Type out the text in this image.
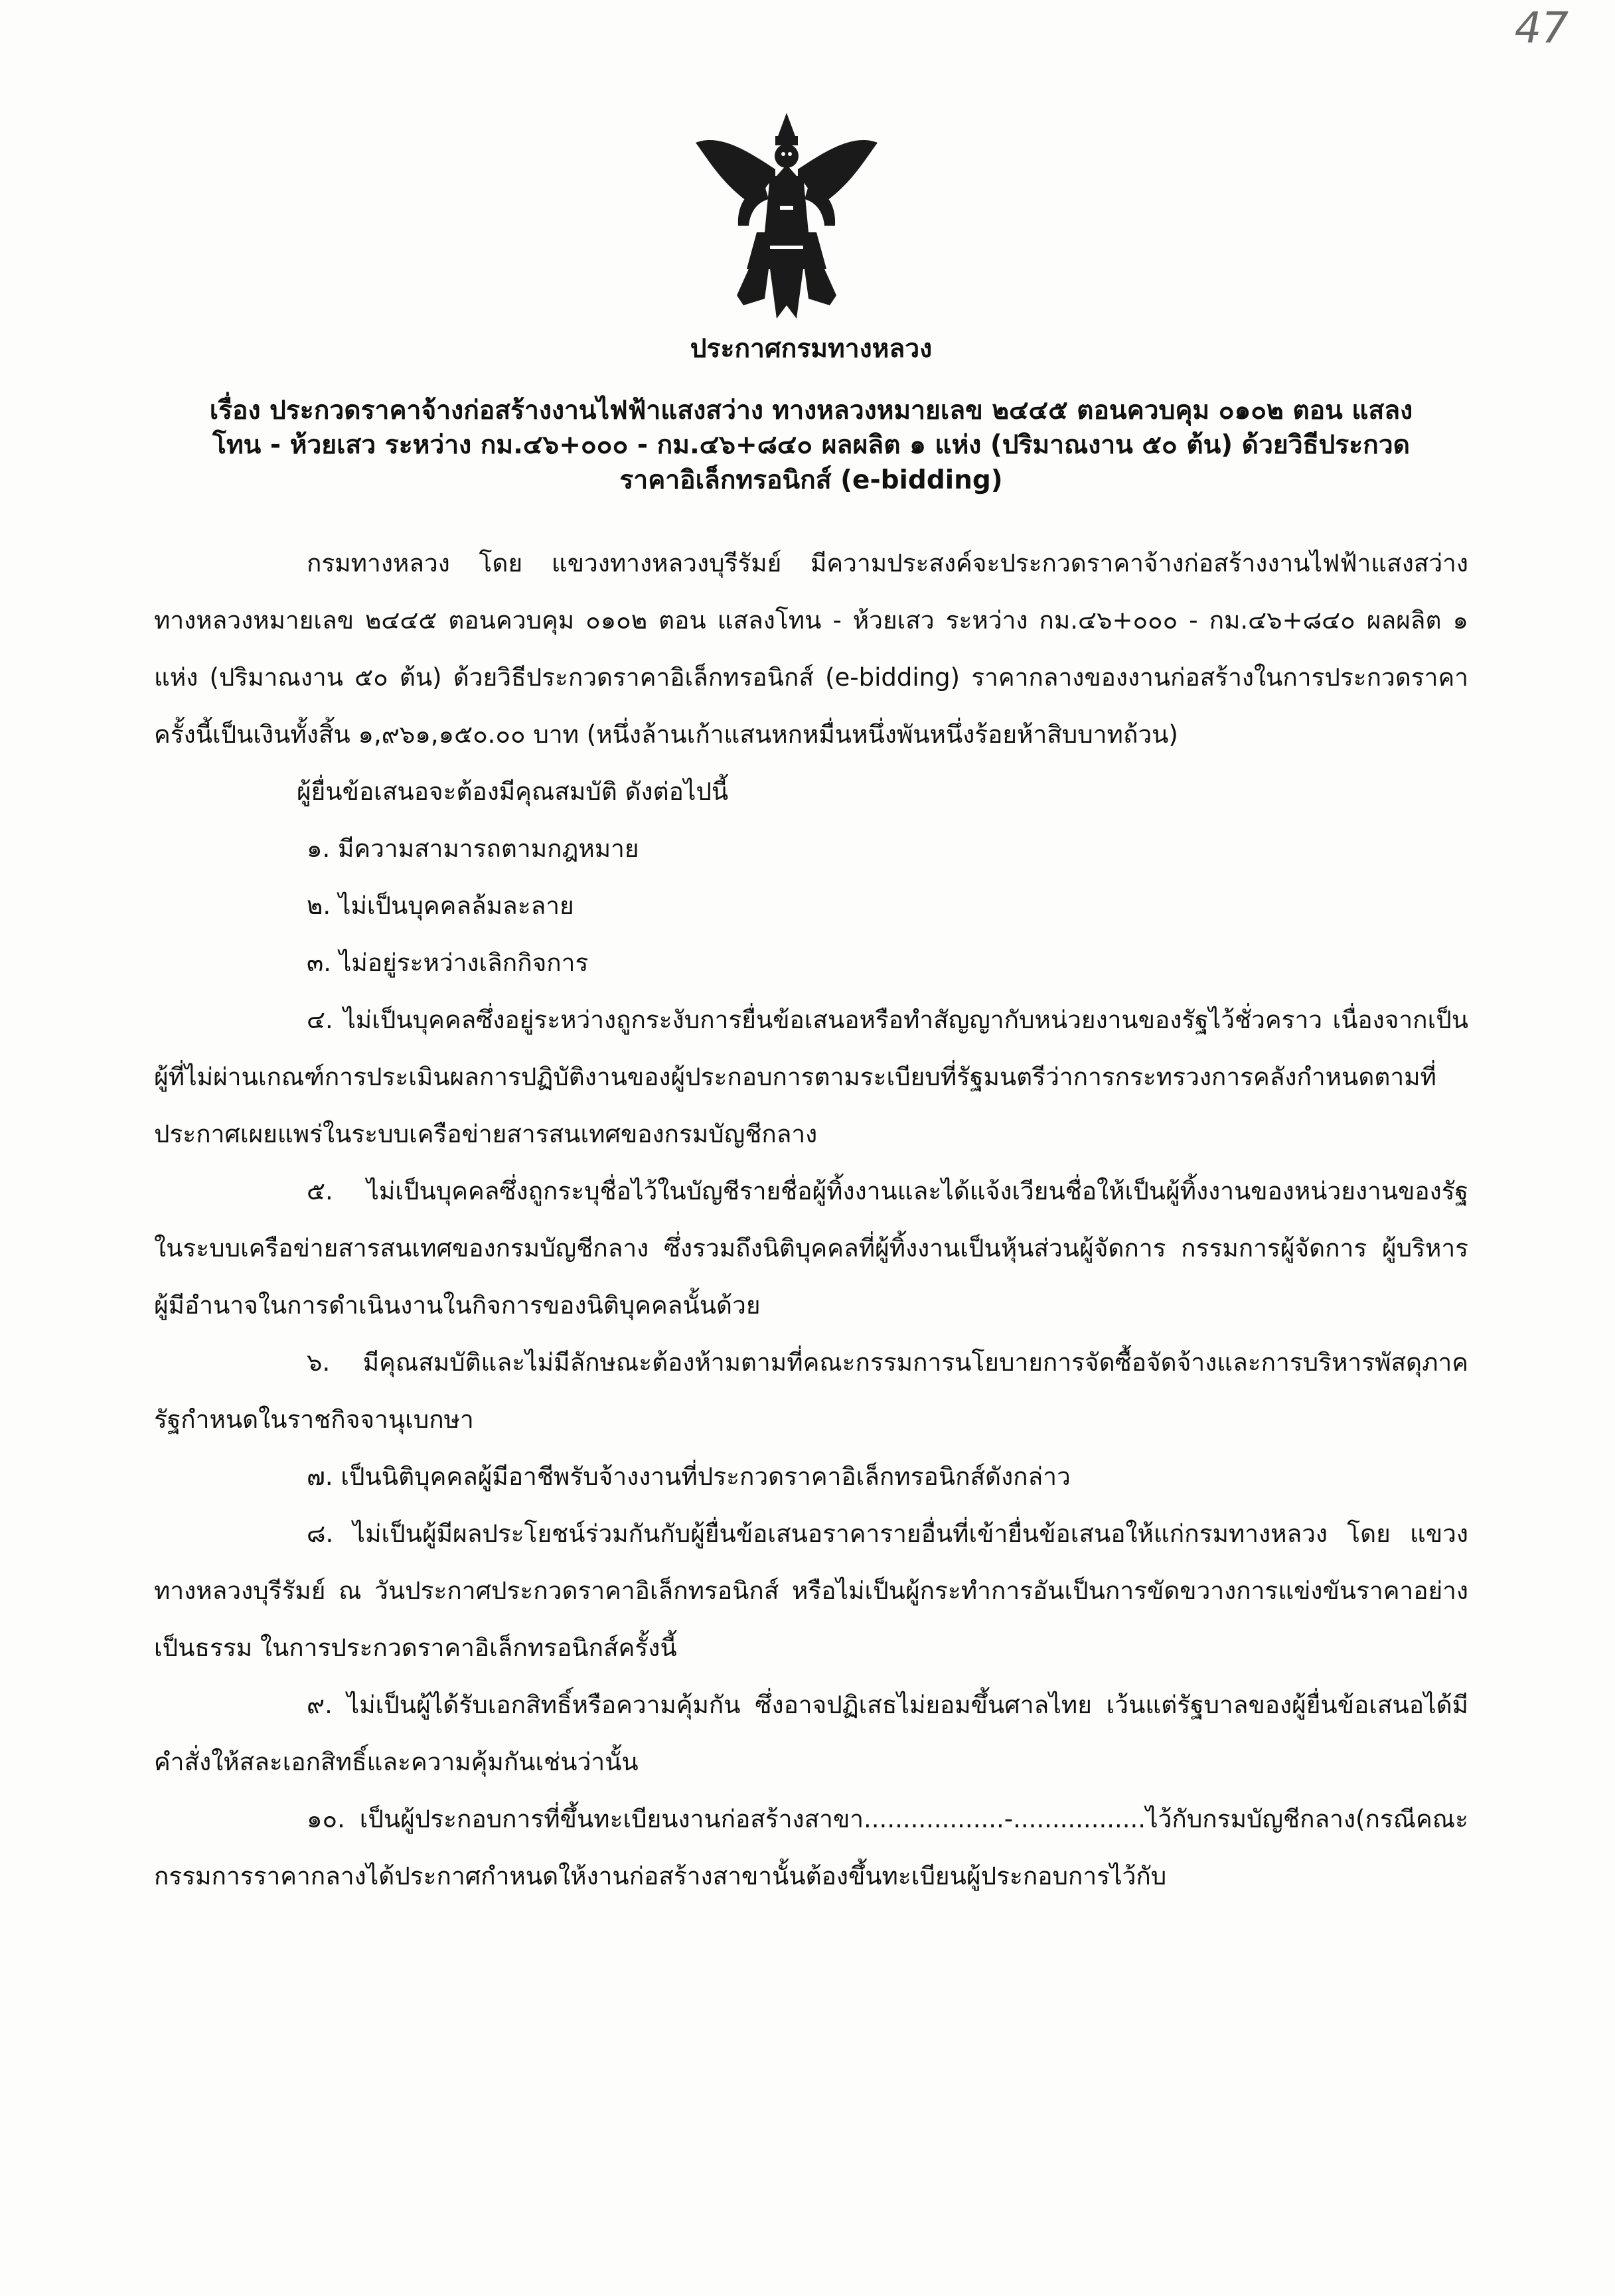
47
ประกาศกรมทางหลวง
เรื่อง ประกวดราคาจ้างก่อสร้างงานไฟฟ้าแสงสว่าง ทางหลวงหมายเลข ๒๔๔๕ ตอนควบคุม ๐๑๐๒ ตอน แสลง
โทน - ห้วยเสว ระหว่าง กม.๔๖+๐๐๐ - กม.๔๖+๘๔๐ ผลผลิต ๑ แห่ง (ปริมาณงาน ๕๐ ต้น) ด้วยวิธีประกวด
ราคาอิเล็กทรอนิกส์ (e-bidding)

กรมทางหลวง โดย แขวงทางหลวงบุรีรัมย์ มีความประสงค์จะประกวดราคาจ้างก่อสร้างงานไฟฟ้าแสงสว่าง ทางหลวงหมายเลข ๒๔๔๕ ตอนควบคุม ๐๑๐๒ ตอน แสลงโทน - ห้วยเสว ระหว่าง กม.๔๖+๐๐๐ - กม.๔๖+๘๔๐ ผลผลิต ๑ แห่ง (ปริมาณงาน ๕๐ ต้น) ด้วยวิธีประกวดราคาอิเล็กทรอนิกส์ (e-bidding) ราคากลางของงานก่อสร้างในการประกวดราคาครั้งนี้เป็นเงินทั้งสิ้น ๑,๙๖๑,๑๕๐.๐๐ บาท (หนึ่งล้านเก้าแสนหกหมื่นหนึ่งพันหนึ่งร้อยห้าสิบบาทถ้วน)

ผู้ยื่นข้อเสนอจะต้องมีคุณสมบัติ ดังต่อไปนี้

๑. มีความสามารถตามกฎหมาย

๒. ไม่เป็นบุคคลล้มละลาย

๓. ไม่อยู่ระหว่างเลิกกิจการ

๔. ไม่เป็นบุคคลซึ่งอยู่ระหว่างถูกระงับการยื่นข้อเสนอหรือทำสัญญากับหน่วยงานของรัฐไว้ชั่วคราว เนื่องจากเป็นผู้ที่ไม่ผ่านเกณฑ์การประเมินผลการปฏิบัติงานของผู้ประกอบการตามระเบียบที่รัฐมนตรีว่าการกระทรวงการคลังกำหนดตามที่ประกาศเผยแพร่ในระบบเครือข่ายสารสนเทศของกรมบัญชีกลาง

๕. ไม่เป็นบุคคลซึ่งถูกระบุชื่อไว้ในบัญชีรายชื่อผู้ทิ้งงานและได้แจ้งเวียนชื่อให้เป็นผู้ทิ้งงานของหน่วยงานของรัฐในระบบเครือข่ายสารสนเทศของกรมบัญชีกลาง ซึ่งรวมถึงนิติบุคคลที่ผู้ทิ้งงานเป็นหุ้นส่วนผู้จัดการ กรรมการผู้จัดการ ผู้บริหาร ผู้มีอำนาจในการดำเนินงานในกิจการของนิติบุคคลนั้นด้วย

๖. มีคุณสมบัติและไม่มีลักษณะต้องห้ามตามที่คณะกรรมการนโยบายการจัดซื้อจัดจ้างและการบริหารพัสดุภาครัฐกำหนดในราชกิจจานุเบกษา

๗. เป็นนิติบุคคลผู้มีอาชีพรับจ้างงานที่ประกวดราคาอิเล็กทรอนิกส์ดังกล่าว

๘. ไม่เป็นผู้มีผลประโยชน์ร่วมกันกับผู้ยื่นข้อเสนอราคารายอื่นที่เข้ายื่นข้อเสนอให้แก่กรมทางหลวง โดย แขวงทางหลวงบุรีรัมย์ ณ วันประกาศประกวดราคาอิเล็กทรอนิกส์ หรือไม่เป็นผู้กระทำการอันเป็นการขัดขวางการแข่งขันราคาอย่างเป็นธรรม ในการประกวดราคาอิเล็กทรอนิกส์ครั้งนี้

๙. ไม่เป็นผู้ได้รับเอกสิทธิ์หรือความคุ้มกัน ซึ่งอาจปฏิเสธไม่ยอมขึ้นศาลไทย เว้นแต่รัฐบาลของผู้ยื่นข้อเสนอได้มีคำสั่งให้สละเอกสิทธิ์และความคุ้มกันเช่นว่านั้น

๑๐. เป็นผู้ประกอบการที่ขึ้นทะเบียนงานก่อสร้างสาขา..................-.................ไว้กับกรมบัญชีกลาง(กรณีคณะกรรมการราคากลางได้ประกาศกำหนดให้งานก่อสร้างสาขานั้นต้องขึ้นทะเบียนผู้ประกอบการไว้กับ
